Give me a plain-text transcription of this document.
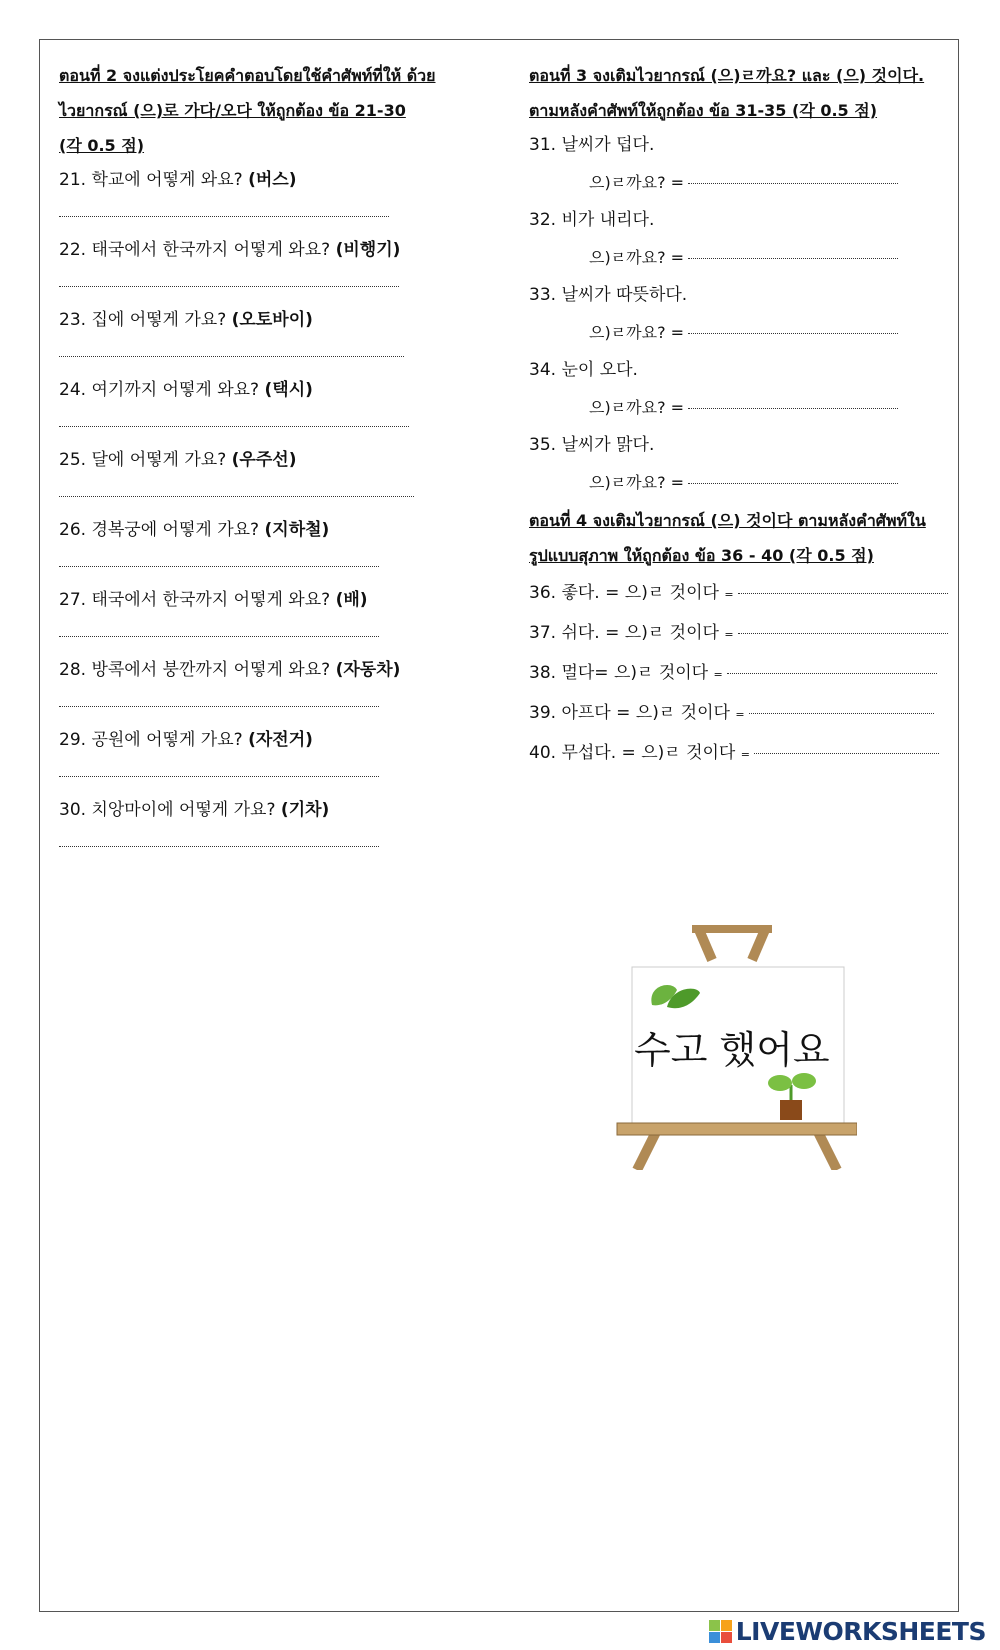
ตอนที่ 2 จงแต่งประโยคคำตอบโดยใช้คำศัพท์ที่ให้ ด้วย

ไวยากรณ์ (으)로 가다/오다 ให้ถูกต้อง ข้อ 21-30

(각 0.5 점)

21. 학교에 어떻게 와요? (버스)
22. 태국에서 한국까지 어떻게 와요? (비행기)
23. 집에 어떻게 가요? (오토바이)
24. 여기까지 어떻게 와요? (택시)
25. 달에 어떻게 가요? (우주선)
26. 경복궁에 어떻게 가요? (지하철)
27. 태국에서 한국까지 어떻게 와요? (배)
28. 방콕에서 붕깐까지 어떻게 와요? (자동차)
29. 공원에 어떻게 가요? (자전거)
30. 치앙마이에 어떻게 가요? (기차)

ตอนที่ 3 จงเติมไวยากรณ์ (으)ㄹ까요? และ (으) 것이다.

ตามหลังคำศัพท์ให้ถูกต้อง ข้อ 31-35 (각 0.5 점)

31. 날씨가 덥다.
으)ㄹ까요? =
32. 비가 내리다.
으)ㄹ까요? =
33. 날씨가 따뜻하다.
으)ㄹ까요? =
34. 눈이 오다.
으)ㄹ까요? =
35. 날씨가 맑다.
으)ㄹ까요? =

ตอนที่ 4 จงเติมไวยากรณ์ (으) 것이다 ตามหลังคำศัพท์ใน

รูปแบบสุภาพ ให้ถูกต้อง ข้อ 36 - 40 (각 0.5 점)

36. 좋다. = 으)ㄹ 것이다 =
37. 쉬다. = 으)ㄹ 것이다 =
38. 멀다= 으)ㄹ 것이다 =
39. 아프다 = 으)ㄹ 것이다 =
40. 무섭다. = 으)ㄹ 것이다 =
수고 했어요
LIVEWORKSHEETS
